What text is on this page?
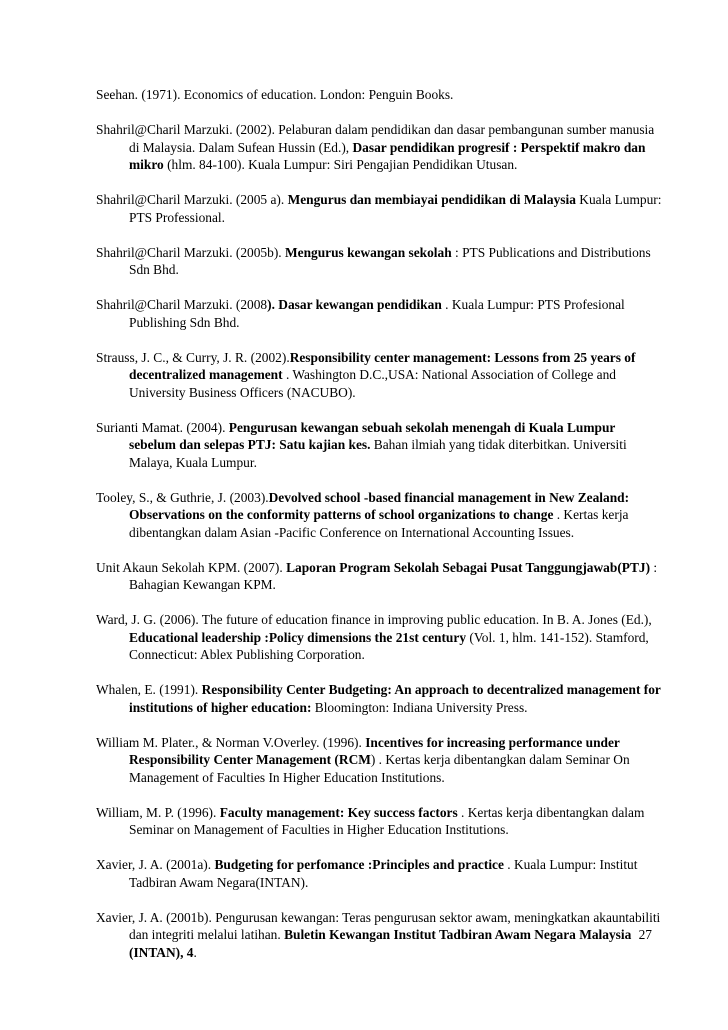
Seehan. (1971). Economics of education. London: Penguin Books.

Shahril@Charil Marzuki. (2002). Pelaburan dalam pendidikan dan dasar pembangunan sumber manusia di Malaysia. Dalam Sufean Hussin (Ed.), Dasar pendidikan progresif : Perspektif makro dan mikro (hlm. 84-100). Kuala Lumpur: Siri Pengajian Pendidikan Utusan.

Shahril@Charil Marzuki. (2005 a). Mengurus dan membiayai pendidikan di Malaysia Kuala Lumpur: PTS Professional.

Shahril@Charil Marzuki. (2005b). Mengurus kewangan sekolah : PTS Publications and Distributions Sdn Bhd.

Shahril@Charil Marzuki. (2008). Dasar kewangan pendidikan . Kuala Lumpur: PTS Profesional Publishing Sdn Bhd.

Strauss, J. C., & Curry, J. R. (2002).Responsibility center management: Lessons from 25 years of decentralized management . Washington D.C.,USA: National Association of College and University Business Officers (NACUBO).

Surianti Mamat. (2004). Pengurusan kewangan sebuah sekolah menengah di Kuala Lumpur sebelum dan selepas PTJ: Satu kajian kes. Bahan ilmiah yang tidak diterbitkan. Universiti Malaya, Kuala Lumpur.

Tooley, S., & Guthrie, J. (2003).Devolved school -based financial management in New Zealand: Observations on the conformity patterns of school organizations to change . Kertas kerja dibentangkan dalam Asian -Pacific Conference on International Accounting Issues.

Unit Akaun Sekolah KPM. (2007). Laporan Program Sekolah Sebagai Pusat Tanggungjawab(PTJ) : Bahagian Kewangan KPM.

Ward, J. G. (2006). The future of education finance in improving public education. In B. A. Jones (Ed.), Educational leadership :Policy dimensions the 21st century (Vol. 1, hlm. 141-152). Stamford, Connecticut: Ablex Publishing Corporation.

Whalen, E. (1991). Responsibility Center Budgeting: An approach to decentralized management for institutions of higher education: Bloomington: Indiana University Press.

William M. Plater., & Norman V.Overley. (1996). Incentives for increasing performance under Responsibility Center Management (RCM) . Kertas kerja dibentangkan dalam Seminar On Management of Faculties In Higher Education Institutions.

William, M. P. (1996). Faculty management: Key success factors . Kertas kerja dibentangkan dalam Seminar on Management of Faculties in Higher Education Institutions.

Xavier, J. A. (2001a). Budgeting for perfomance :Principles and practice . Kuala Lumpur: Institut Tadbiran Awam Negara(INTAN).

Xavier, J. A. (2001b). Pengurusan kewangan: Teras pengurusan sektor awam, meningkatkan akauntabiliti dan integriti melalui latihan. Buletin Kewangan Institut Tadbiran Awam Negara Malaysia (INTAN), 4.

27
